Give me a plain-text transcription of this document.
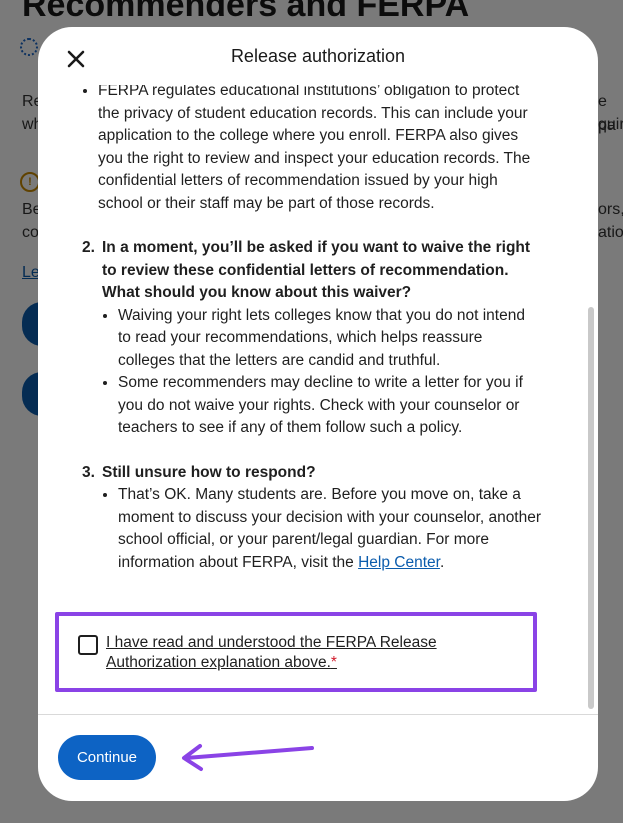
Release authorization
• FERPA regulates educational institutions’ obligation to protect the privacy of student education records. This can include your application to the college where you enroll. FERPA also gives you the right to review and inspect your education records. The confidential letters of recommendation issued by your high school or their staff may be part of those records.
2. In a moment, you’ll be asked if you want to waive the right to review these confidential letters of recommendation. What should you know about this waiver?
• Waiving your right lets colleges know that you do not intend to read your recommendations, which helps reassure colleges that the letters are candid and truthful.
• Some recommenders may decline to write a letter for you if you do not waive your rights. Check with your counselor or teachers to see if any of them follow such a policy.
3. Still unsure how to respond?
• That’s OK. Many students are. Before you move on, take a moment to discuss your decision with your counselor, another school official, or your parent/legal guardian. For more information about FERPA, visit the Help Center.
I have read and understood the FERPA Release Authorization explanation above.*
Continue
